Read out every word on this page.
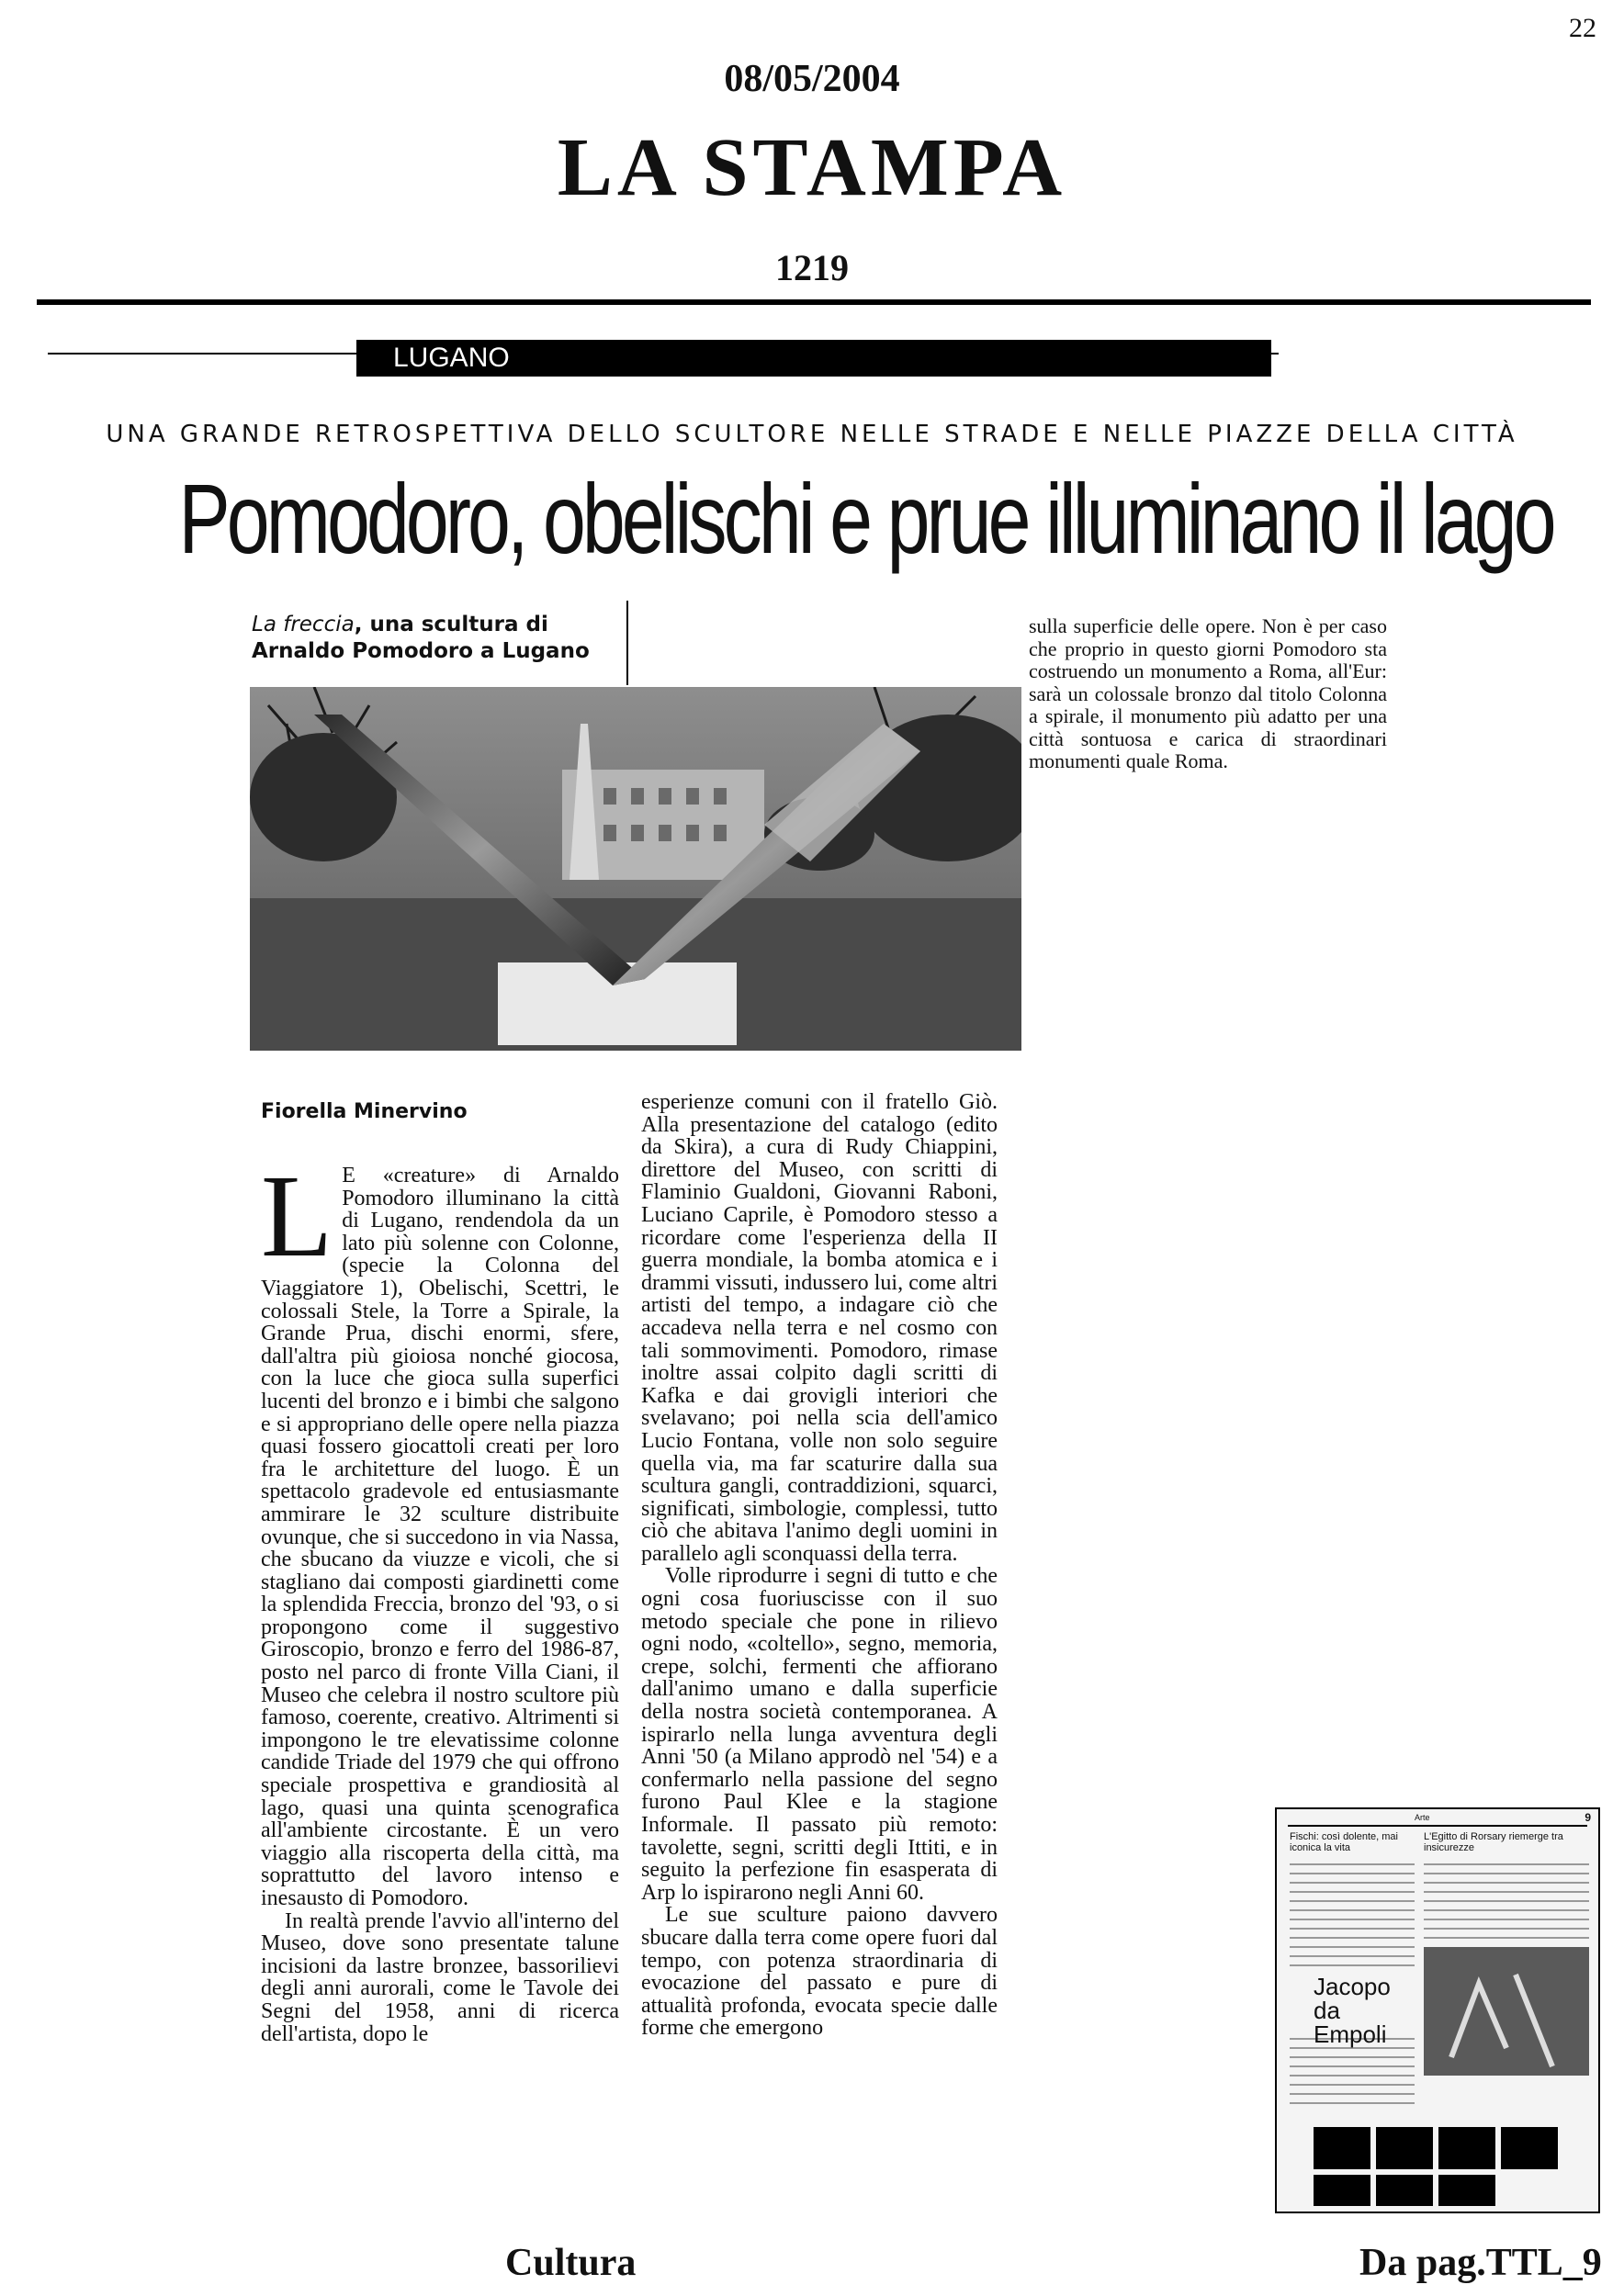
22
08/05/2004
LA STAMPA
1219
LUGANO
UNA GRANDE RETROSPETTIVA DELLO SCULTORE NELLE STRADE E NELLE PIAZZE DELLA CITTÀ
Pomodoro, obelischi e prue illuminano il lago
La freccia, una scultura di Arnaldo Pomodoro a Lugano
sulla superficie delle opere. Non è per caso che proprio in questo giorni Pomodoro sta costruendo un monumento a Roma, all'Eur: sarà un colossale bronzo dal titolo Colonna a spirale, il monumento più adatto per una città sontuosa e carica di straordinari monumenti quale Roma.
Fiorella Minervino
L E «creature» di Arnaldo Pomodoro illuminano la città di Lugano, rendendola da un lato più solenne con Colonne, (specie la Colonna del Viaggiatore 1), Obelischi, Scettri, le colossali Stele, la Torre a Spirale, la Grande Prua, dischi enormi, sfere, dall'altra più gioiosa nonché giocosa, con la luce che gioca sulla superfici lucenti del bronzo e i bimbi che salgono e si appropriano delle opere nella piazza quasi fossero giocattoli creati per loro fra le architetture del luogo. È un spettacolo gradevole ed entusiasmante ammirare le 32 sculture distribuite ovunque, che si succedono in via Nassa, che sbucano da viuzze e vicoli, che si stagliano dai composti giardinetti come la splendida Freccia, bronzo del '93, o si propongono come il suggestivo Giroscopio, bronzo e ferro del 1986-87, posto nel parco di fronte Villa Ciani, il Museo che celebra il nostro scultore più famoso, coerente, creativo. Altrimenti si impongono le tre elevatissime colonne candide Triade del 1979 che qui offrono speciale prospettiva e grandiosità al lago, quasi una quinta scenografica all'ambiente circostante. È un vero viaggio alla riscoperta della città, ma soprattutto del lavoro intenso e inesausto di Pomodoro.

In realtà prende l'avvio all'interno del Museo, dove sono presentate talune incisioni da lastre bronzee, bassorilievi degli anni aurorali, come le Tavole dei Segni del 1958, anni di ricerca dell'artista, dopo le

esperienze comuni con il fratello Giò. Alla presentazione del catalogo (edito da Skira), a cura di Rudy Chiappini, direttore del Museo, con scritti di Flaminio Gualdoni, Giovanni Raboni, Luciano Caprile, è Pomodoro stesso a ricordare come l'esperienza della II guerra mondiale, la bomba atomica e i drammi vissuti, indussero lui, come altri artisti del tempo, a indagare ciò che accadeva nella terra e nel cosmo con tali sommovimenti. Pomodoro, rimase inoltre assai colpito dagli scritti di Kafka e dai grovigli interiori che svelavano; poi nella scia dell'amico Lucio Fontana, volle non solo seguire quella via, ma far scaturire dalla sua scultura gangli, contraddizioni, squarci, significati, simbologie, complessi, tutto ciò che abitava l'animo degli uomini in parallelo agli sconquassi della terra.

Volle riprodurre i segni di tutto e che ogni cosa fuoriuscisse con il suo metodo speciale che pone in rilievo ogni nodo, «coltello», segno, memoria, crepe, solchi, fermenti che affiorano dall'animo umano e dalla superficie della nostra società contemporanea. A ispirarlo nella lunga avventura degli Anni '50 (a Milano approdò nel '54) e a confermarlo nella passione del segno furono Paul Klee e la stagione Informale. Il passato più remoto: tavolette, segni, scritti degli Ittiti, e in seguito la perfezione fin esasperata di Arp lo ispirarono negli Anni 60.

Le sue sculture paiono davvero sbucare dalla terra come opere fuori dal tempo, con potenza straordinaria di evocazione del passato e pure di attualità profonda, evocata specie dalle forme che emergono

Cultura
Arte	9
Fischi: così dolente, mai iconica la vita
L'Egitto di Rorsary riemerge tra insicurezze
Jacopo da Empoli
Da pag.TTL_9
